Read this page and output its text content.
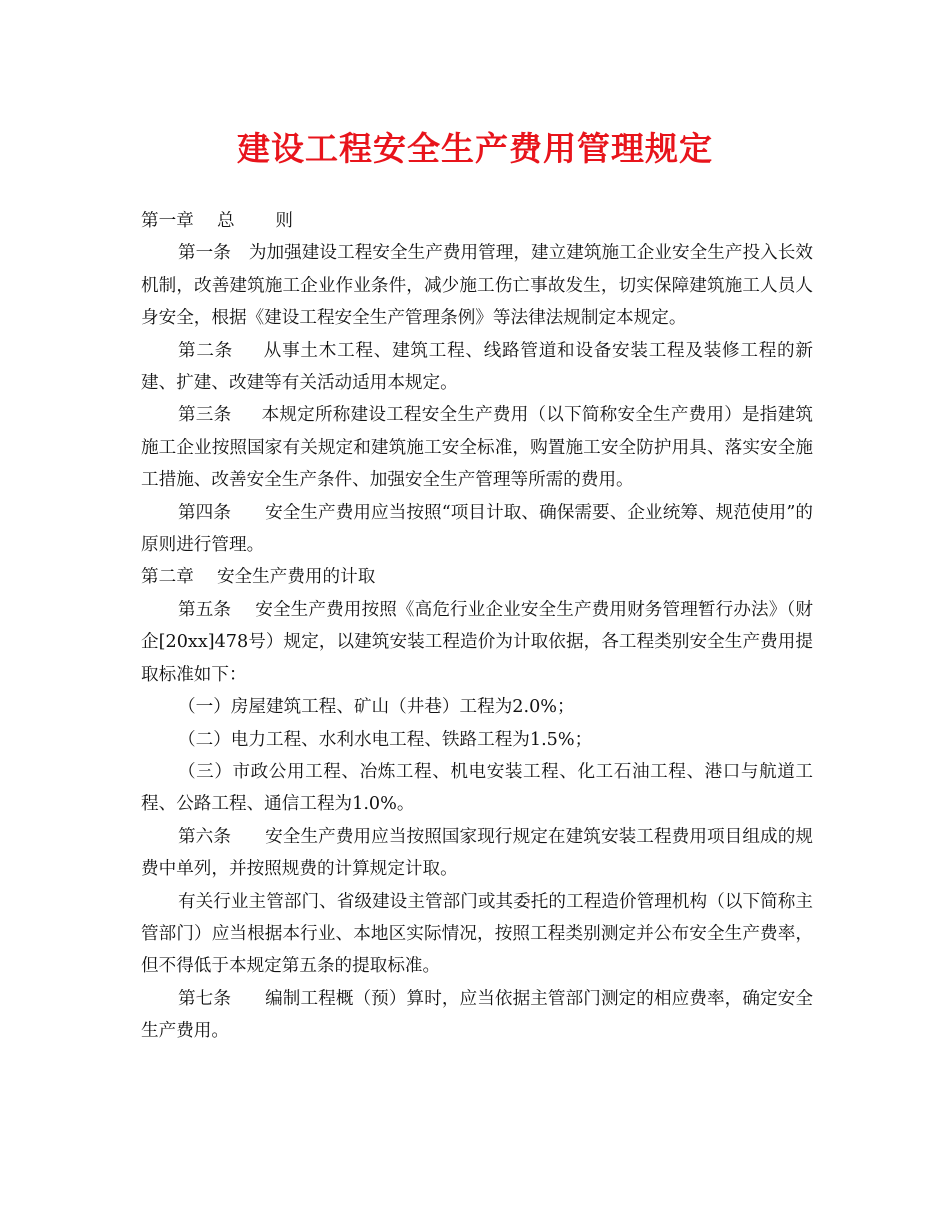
建设工程安全生产费用管理规定

第一章　 总　　 则

第一条 为加强建设工程安全生产费用管理，建立建筑施工企业安全生产投入长效机制，改善建筑施工企业作业条件，减少施工伤亡事故发生，切实保障建筑施工人员人身安全，根据《建设工程安全生产管理条例》等法律法规制定本规定。

第二条 从事土木工程、建筑工程、线路管道和设备安装工程及装修工程的新建、扩建、改建等有关活动适用本规定。

第三条 本规定所称建设工程安全生产费用（以下简称安全生产费用）是指建筑施工企业按照国家有关规定和建筑施工安全标准，购置施工安全防护用具、落实安全施工措施、改善安全生产条件、加强安全生产管理等所需的费用。

第四条 安全生产费用应当按照“项目计取、确保需要、企业统筹、规范使用”的原则进行管理。

第二章　 安全生产费用的计取

第五条 安全生产费用按照《高危行业企业安全生产费用财务管理暂行办法》（财企[20xx]478号）规定，以建筑安装工程造价为计取依据，各工程类别安全生产费用提取标准如下：

（一）房屋建筑工程、矿山（井巷）工程为2.0%；

（二）电力工程、水利水电工程、铁路工程为1.5%；

（三）市政公用工程、冶炼工程、机电安装工程、化工石油工程、港口与航道工程、公路工程、通信工程为1.0%。

第六条 安全生产费用应当按照国家现行规定在建筑安装工程费用项目组成的规费中单列，并按照规费的计算规定计取。

有关行业主管部门、省级建设主管部门或其委托的工程造价管理机构（以下简称主管部门）应当根据本行业、本地区实际情况，按照工程类别测定并公布安全生产费率，但不得低于本规定第五条的提取标准。

第七条 编制工程概（预）算时，应当依据主管部门测定的相应费率，确定安全生产费用。
